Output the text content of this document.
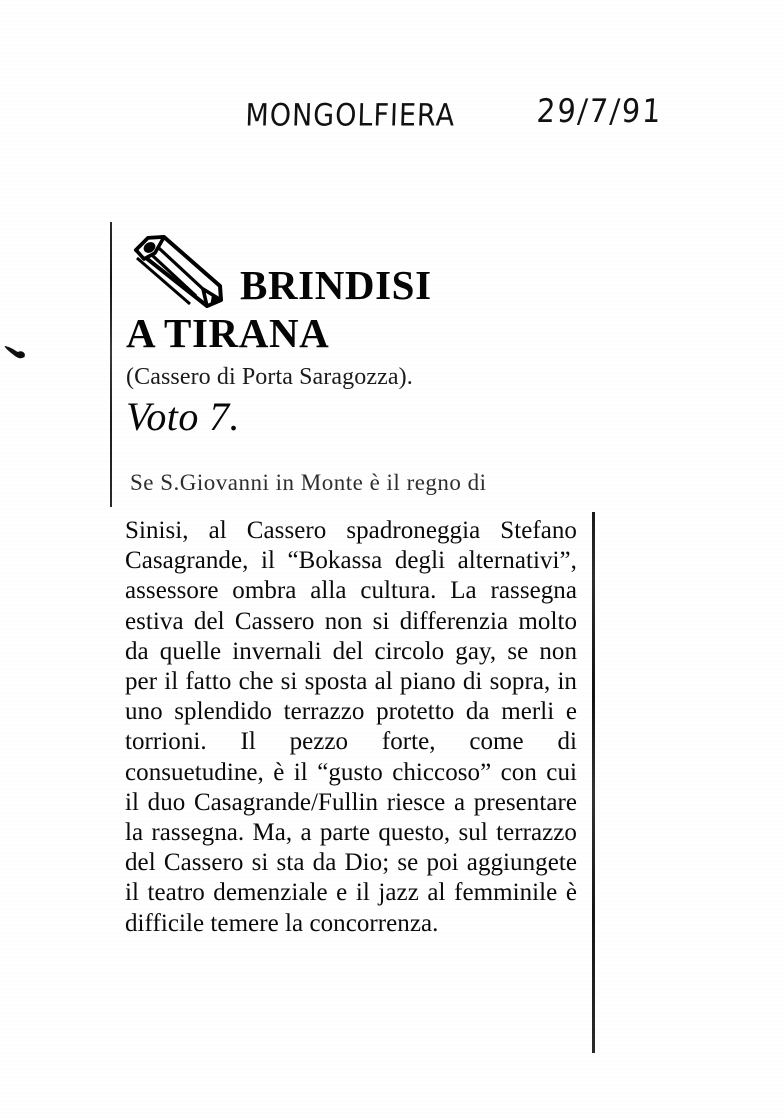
MONGOLFIERA	29/7/91
BRINDISI
A TIRANA
(Cassero di Porta Saragozza).
Voto 7.
Se S.Giovanni in Monte è il regno di

Sinisi, al Cassero spadroneggia Stefano Casagrande, il “Bokassa degli alternativi”, assessore ombra alla cultura. La rassegna estiva del Cassero non si differenzia molto da quelle invernali del circolo gay, se non per il fatto che si sposta al piano di sopra, in uno splendido terrazzo protetto da merli e torrioni. Il pezzo forte, come di consuetudine, è il “gusto chiccoso” con cui il duo Casagrande/Fullin riesce a presentare la rassegna. Ma, a parte questo, sul terrazzo del Cassero si sta da Dio; se poi aggiungete il teatro demenziale e il jazz al femminile è difficile temere la concorrenza.
